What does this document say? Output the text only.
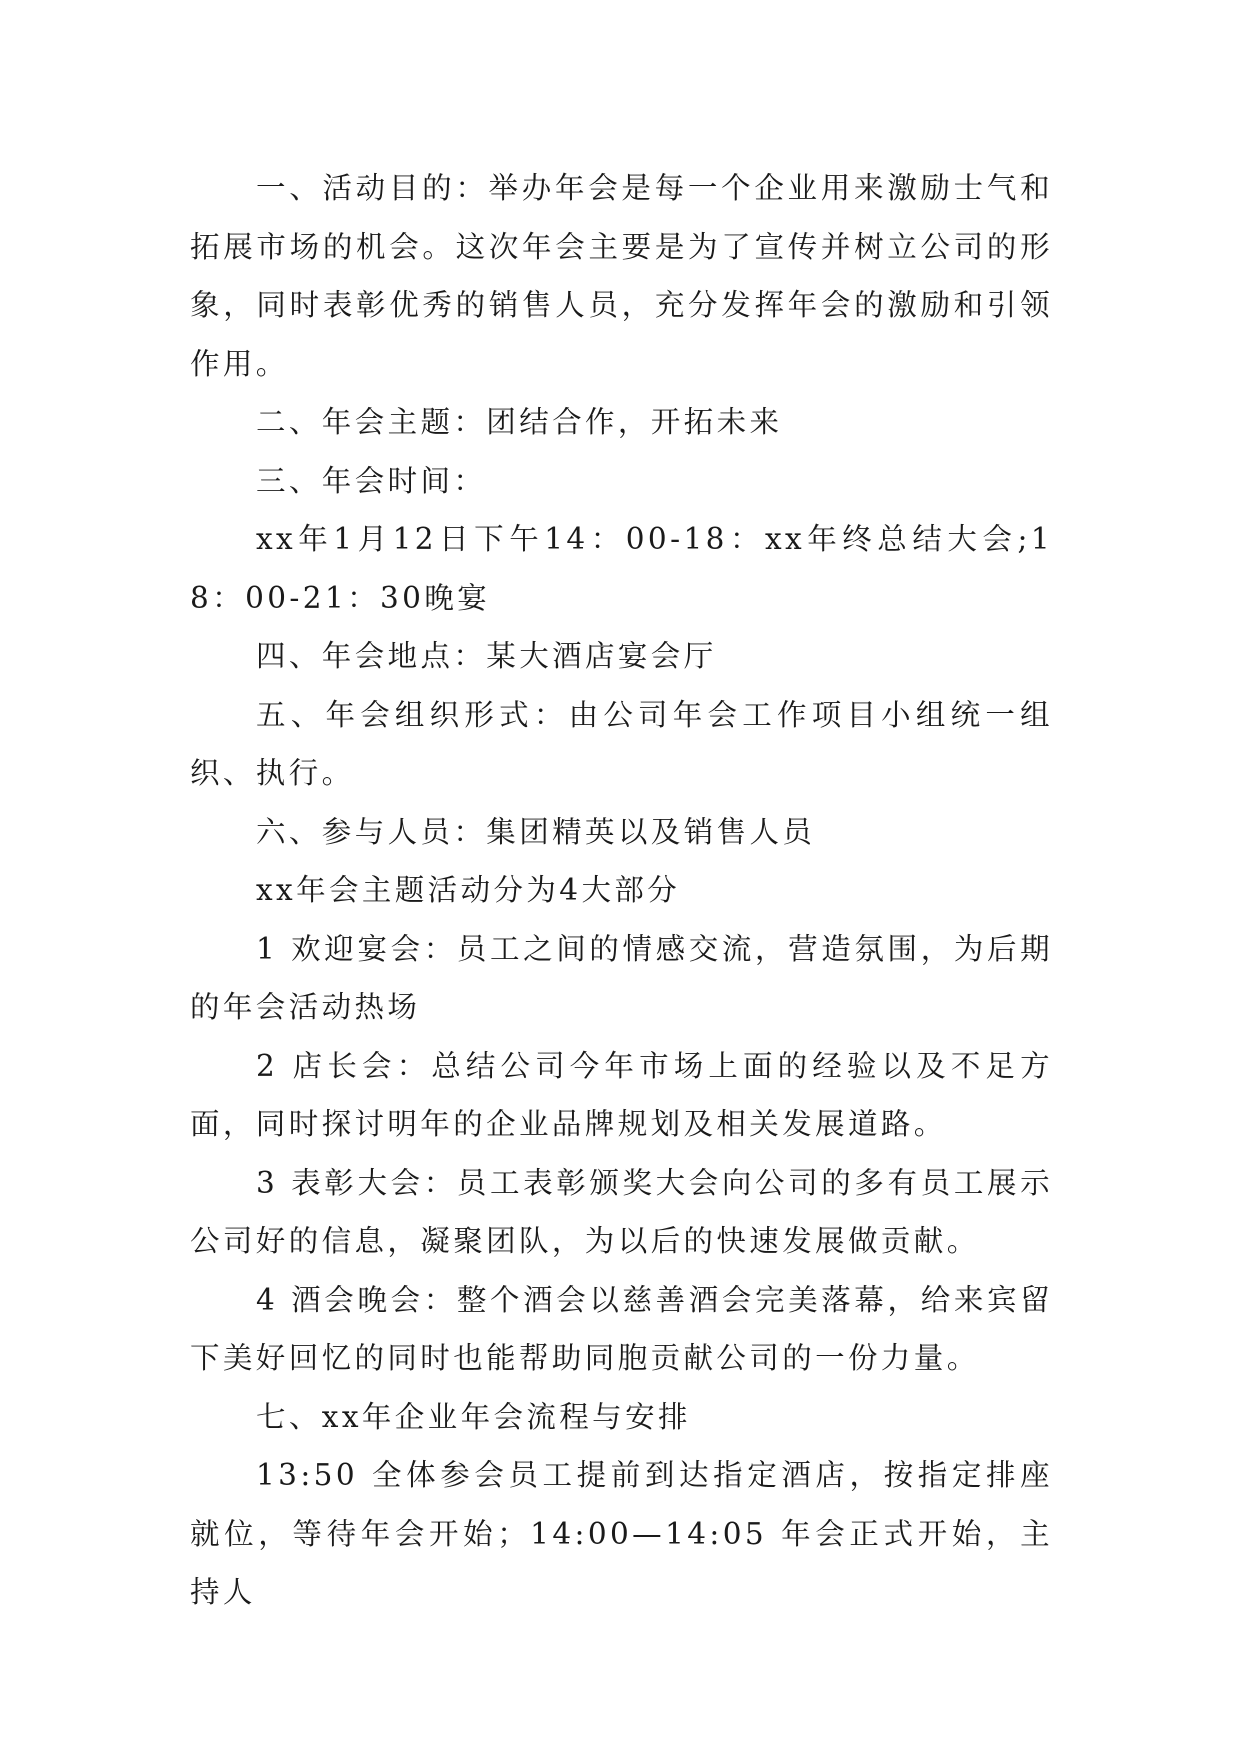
一、活动目的：举办年会是每一个企业用来激励士气和拓展市场的机会。这次年会主要是为了宣传并树立公司的形象，同时表彰优秀的销售人员，充分发挥年会的激励和引领作用。

二、年会主题：团结合作，开拓未来

三、年会时间：

xx年1月12日下午14：00-18：xx年终总结大会;18：00-21：30晚宴

四、年会地点：某大酒店宴会厅

五、年会组织形式：由公司年会工作项目小组统一组织、执行。

六、参与人员：集团精英以及销售人员

xx年会主题活动分为4大部分

1 欢迎宴会：员工之间的情感交流，营造氛围，为后期的年会活动热场

2 店长会：总结公司今年市场上面的经验以及不足方面，同时探讨明年的企业品牌规划及相关发展道路。

3 表彰大会：员工表彰颁奖大会向公司的多有员工展示公司好的信息，凝聚团队，为以后的快速发展做贡献。

4 酒会晚会：整个酒会以慈善酒会完美落幕，给来宾留下美好回忆的同时也能帮助同胞贡献公司的一份力量。

七、xx年企业年会流程与安排

13:50 全体参会员工提前到达指定酒店，按指定排座就位，等待年会开始；14:00—14:05 年会正式开始，主持人
